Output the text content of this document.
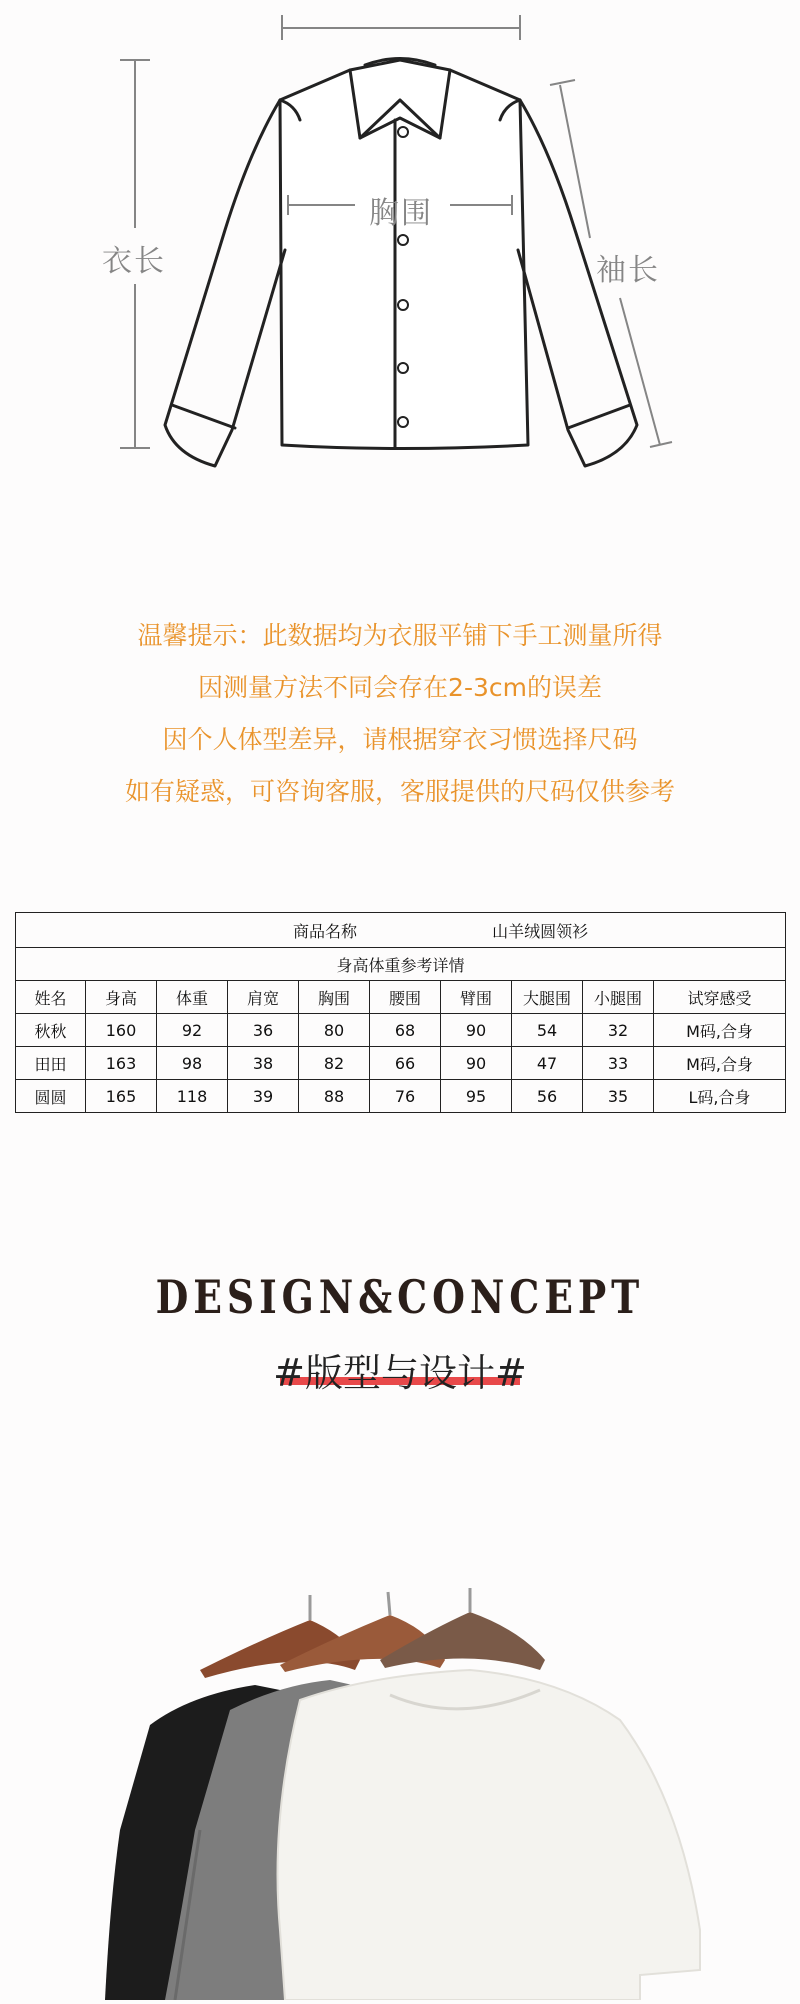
衣长
胸围
袖长
温馨提示：此数据均为衣服平铺下手工测量所得
因测量方法不同会存在2-3cm的误差
因个人体型差异，请根据穿衣习惯选择尺码
如有疑惑，可咨询客服，客服提供的尺码仅供参考
商品名称 山羊绒圆领衫									
身高体重参考详情									
姓名	身高	体重	肩宽	胸围	腰围	臂围	大腿围	小腿围	试穿感受
秋秋	160	92	36	80	68	90	54	32	M码,合身
田田	163	98	38	82	66	90	47	33	M码,合身
圆圆	165	118	39	88	76	95	56	35	L码,合身
DESIGN&CONCEPT
#版型与设计#
